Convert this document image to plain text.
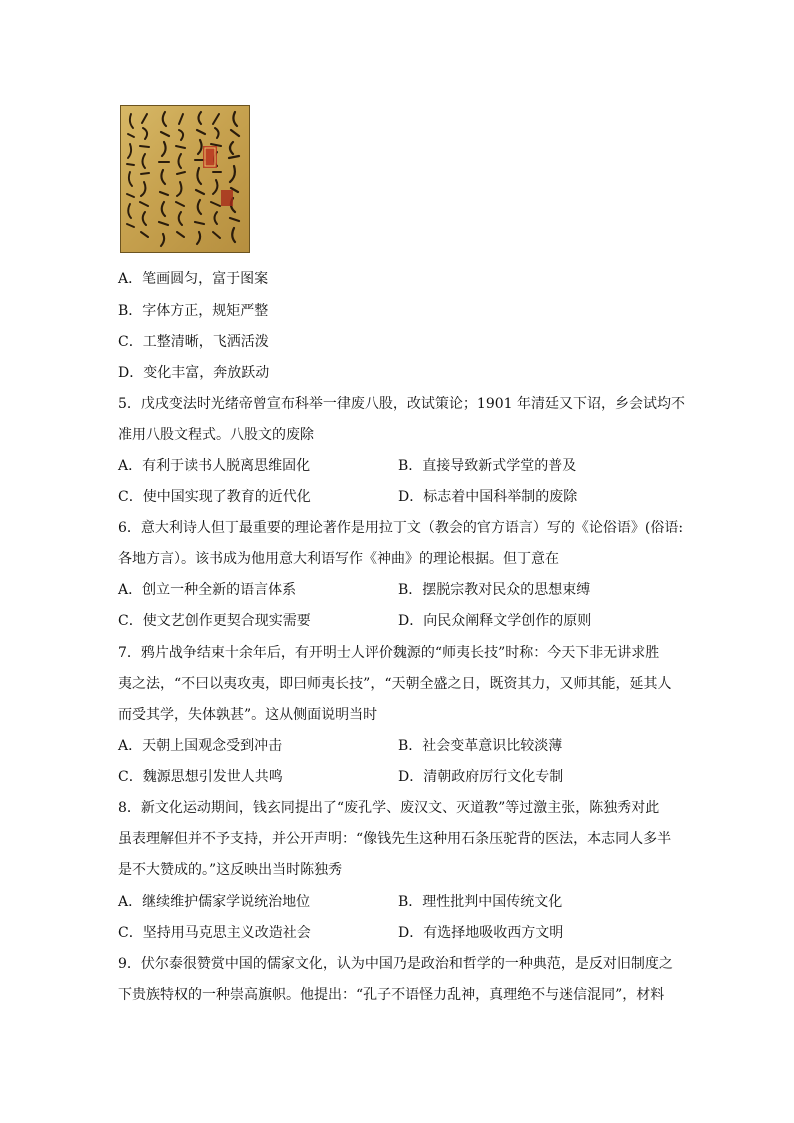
A．笔画圆匀，富于图案
B．字体方正，规矩严整
C．工整清晰，飞洒活泼
D．变化丰富，奔放跃动
5．戊戌变法时光绪帝曾宣布科举一律废八股，改试策论；1901 年清廷又下诏，乡会试均不
准用八股文程式。八股文的废除
A．有利于读书人脱离思维固化	B．直接导致新式学堂的普及
C．使中国实现了教育的近代化	D．标志着中国科举制的废除
6．意大利诗人但丁最重要的理论著作是用拉丁文（教会的官方语言）写的《论俗语》(俗语:
各地方言）。该书成为他用意大利语写作《神曲》的理论根据。但丁意在
A．创立一种全新的语言体系	B．摆脱宗教对民众的思想束缚
C．使文艺创作更契合现实需要	D．向民众阐释文学创作的原则
7．鸦片战争结束十余年后，有开明士人评价魏源的“师夷长技”时称：今天下非无讲求胜
夷之法，“不曰以夷攻夷，即曰师夷长技”，“天朝全盛之日，既资其力，又师其能，延其人
而受其学，失体孰甚”。这从侧面说明当时
A．天朝上国观念受到冲击	B．社会变革意识比较淡薄
C．魏源思想引发世人共鸣	D．清朝政府厉行文化专制
8．新文化运动期间，钱玄同提出了“废孔学、废汉文、灭道教”等过激主张，陈独秀对此
虽表理解但并不予支持，并公开声明：“像钱先生这种用石条压驼背的医法，本志同人多半
是不大赞成的。”这反映出当时陈独秀
A．继续维护儒家学说统治地位	B．理性批判中国传统文化
C．坚持用马克思主义改造社会	D．有选择地吸收西方文明
9．伏尔泰很赞赏中国的儒家文化，认为中国乃是政治和哲学的一种典范，是反对旧制度之
下贵族特权的一种崇高旗帜。他提出：“孔子不语怪力乱神，真理绝不与迷信混同”，材料
